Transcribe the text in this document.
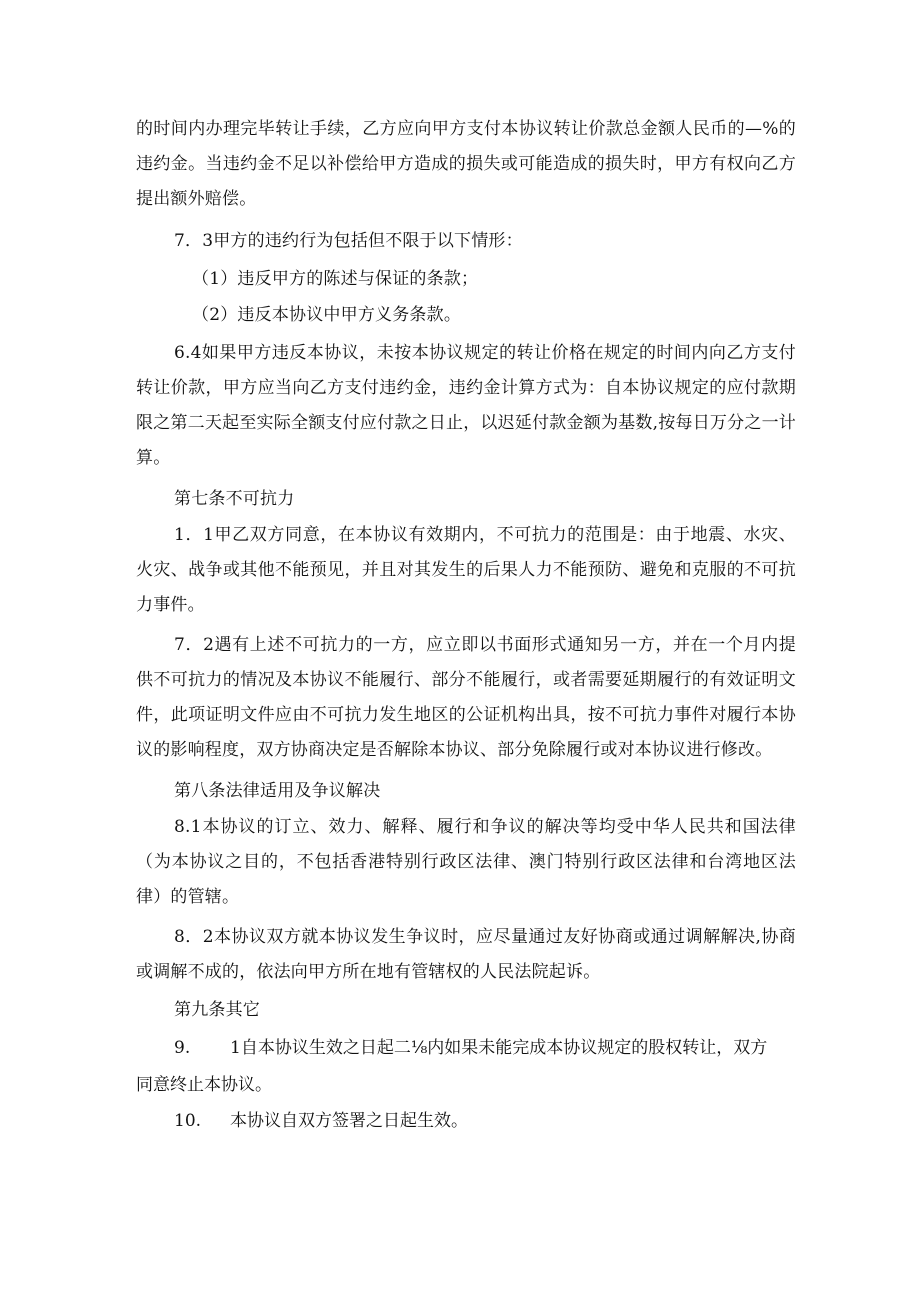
的时间内办理完毕转让手续，乙方应向甲方支付本协议转让价款总金额人民币的—%的违约金。当违约金不足以补偿给甲方造成的损失或可能造成的损失时，甲方有权向乙方提出额外赔偿。

7．3甲方的违约行为包括但不限于以下情形：

（1）违反甲方的陈述与保证的条款；

（2）违反本协议中甲方义务条款。

6.4如果甲方违反本协议，未按本协议规定的转让价格在规定的时间内向乙方支付转让价款，甲方应当向乙方支付违约金，违约金计算方式为：自本协议规定的应付款期限之第二天起至实际全额支付应付款之日止，以迟延付款金额为基数,按每日万分之一计算。

第七条不可抗力

1．1甲乙双方同意，在本协议有效期内，不可抗力的范围是：由于地震、水灾、火灾、战争或其他不能预见，并且对其发生的后果人力不能预防、避免和克服的不可抗力事件。

7．2遇有上述不可抗力的一方，应立即以书面形式通知另一方，并在一个月内提供不可抗力的情况及本协议不能履行、部分不能履行，或者需要延期履行的有效证明文件，此项证明文件应由不可抗力发生地区的公证机构出具，按不可抗力事件对履行本协议的影响程度，双方协商决定是否解除本协议、部分免除履行或对本协议进行修改。

第八条法律适用及争议解决

8.1本协议的订立、效力、解释、履行和争议的解决等均受中华人民共和国法律（为本协议之目的，不包括香港特别行政区法律、澳门特别行政区法律和台湾地区法律）的管辖。

8．2本协议双方就本协议发生争议时，应尽量通过友好协商或通过调解解决,协商或调解不成的，依法向甲方所在地有管辖权的人民法院起诉。

第九条其它

9. 1自本协议生效之日起二⅛内如果未能完成本协议规定的股权转让，双方
同意终止本协议。
10. 本协议自双方签署之日起生效。
